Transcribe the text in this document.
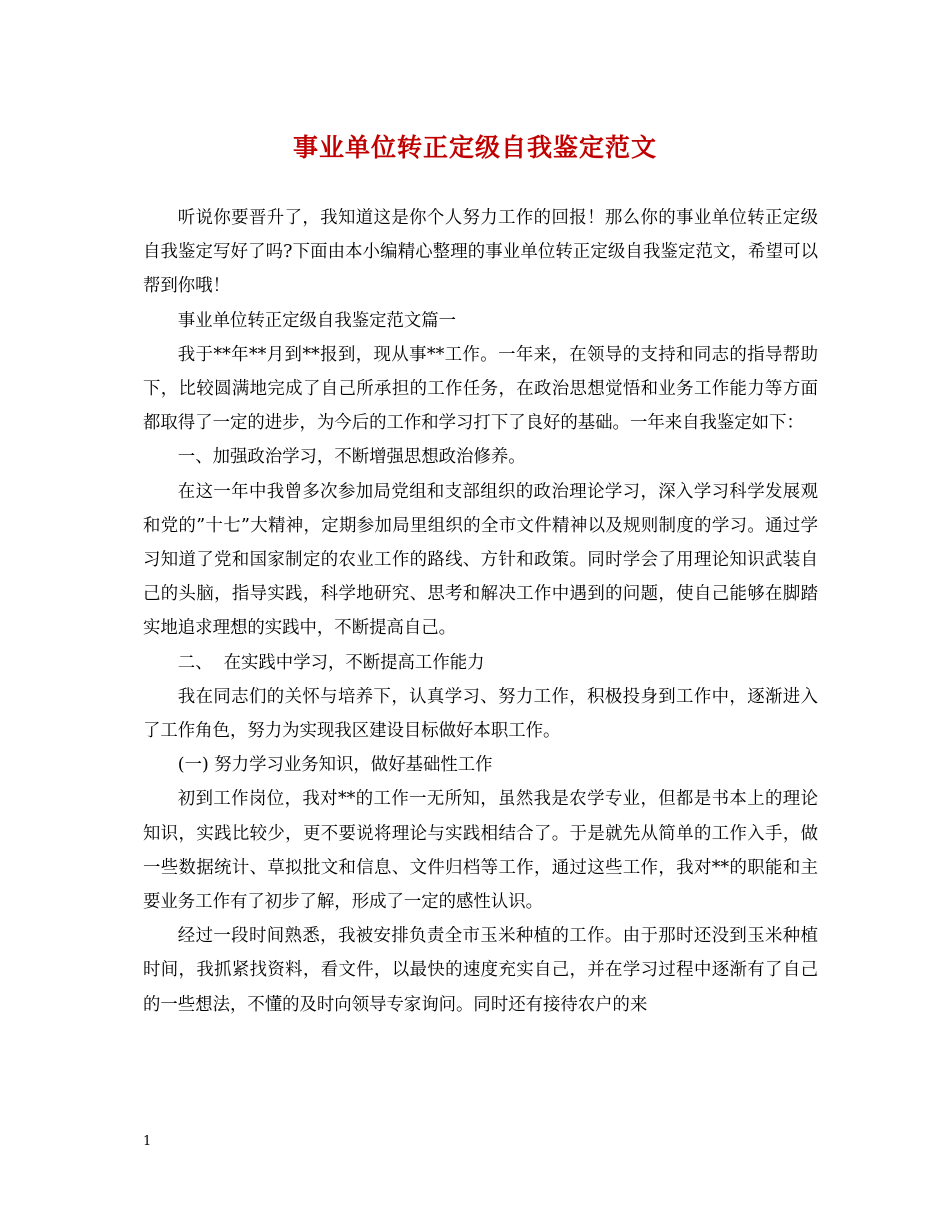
事业单位转正定级自我鉴定范文

听说你要晋升了，我知道这是你个人努力工作的回报！那么你的事业单位转正定级自我鉴定写好了吗?下面由本小编精心整理的事业单位转正定级自我鉴定范文，希望可以帮到你哦！

事业单位转正定级自我鉴定范文篇一

我于**年**月到**报到，现从事**工作。一年来，在领导的支持和同志的指导帮助下，比较圆满地完成了自己所承担的工作任务，在政治思想觉悟和业务工作能力等方面都取得了一定的进步，为今后的工作和学习打下了良好的基础。一年来自我鉴定如下：

一、加强政治学习，不断增强思想政治修养。

在这一年中我曾多次参加局党组和支部组织的政治理论学习，深入学习科学发展观和党的”十七”大精神，定期参加局里组织的全市文件精神以及规则制度的学习。通过学习知道了党和国家制定的农业工作的路线、方针和政策。同时学会了用理论知识武装自己的头脑，指导实践，科学地研究、思考和解决工作中遇到的问题，使自己能够在脚踏实地追求理想的实践中，不断提高自己。

二、  在实践中学习，不断提高工作能力

我在同志们的关怀与培养下，认真学习、努力工作，积极投身到工作中，逐渐进入了工作角色，努力为实现我区建设目标做好本职工作。

(一) 努力学习业务知识，做好基础性工作

初到工作岗位，我对**的工作一无所知，虽然我是农学专业，但都是书本上的理论知识，实践比较少，更不要说将理论与实践相结合了。于是就先从简单的工作入手，做一些数据统计、草拟批文和信息、文件归档等工作，通过这些工作，我对**的职能和主要业务工作有了初步了解，形成了一定的感性认识。

经过一段时间熟悉，我被安排负责全市玉米种植的工作。由于那时还没到玉米种植时间，我抓紧找资料，看文件，以最快的速度充实自己，并在学习过程中逐渐有了自己的一些想法，不懂的及时向领导专家询问。同时还有接待农户的来

1
